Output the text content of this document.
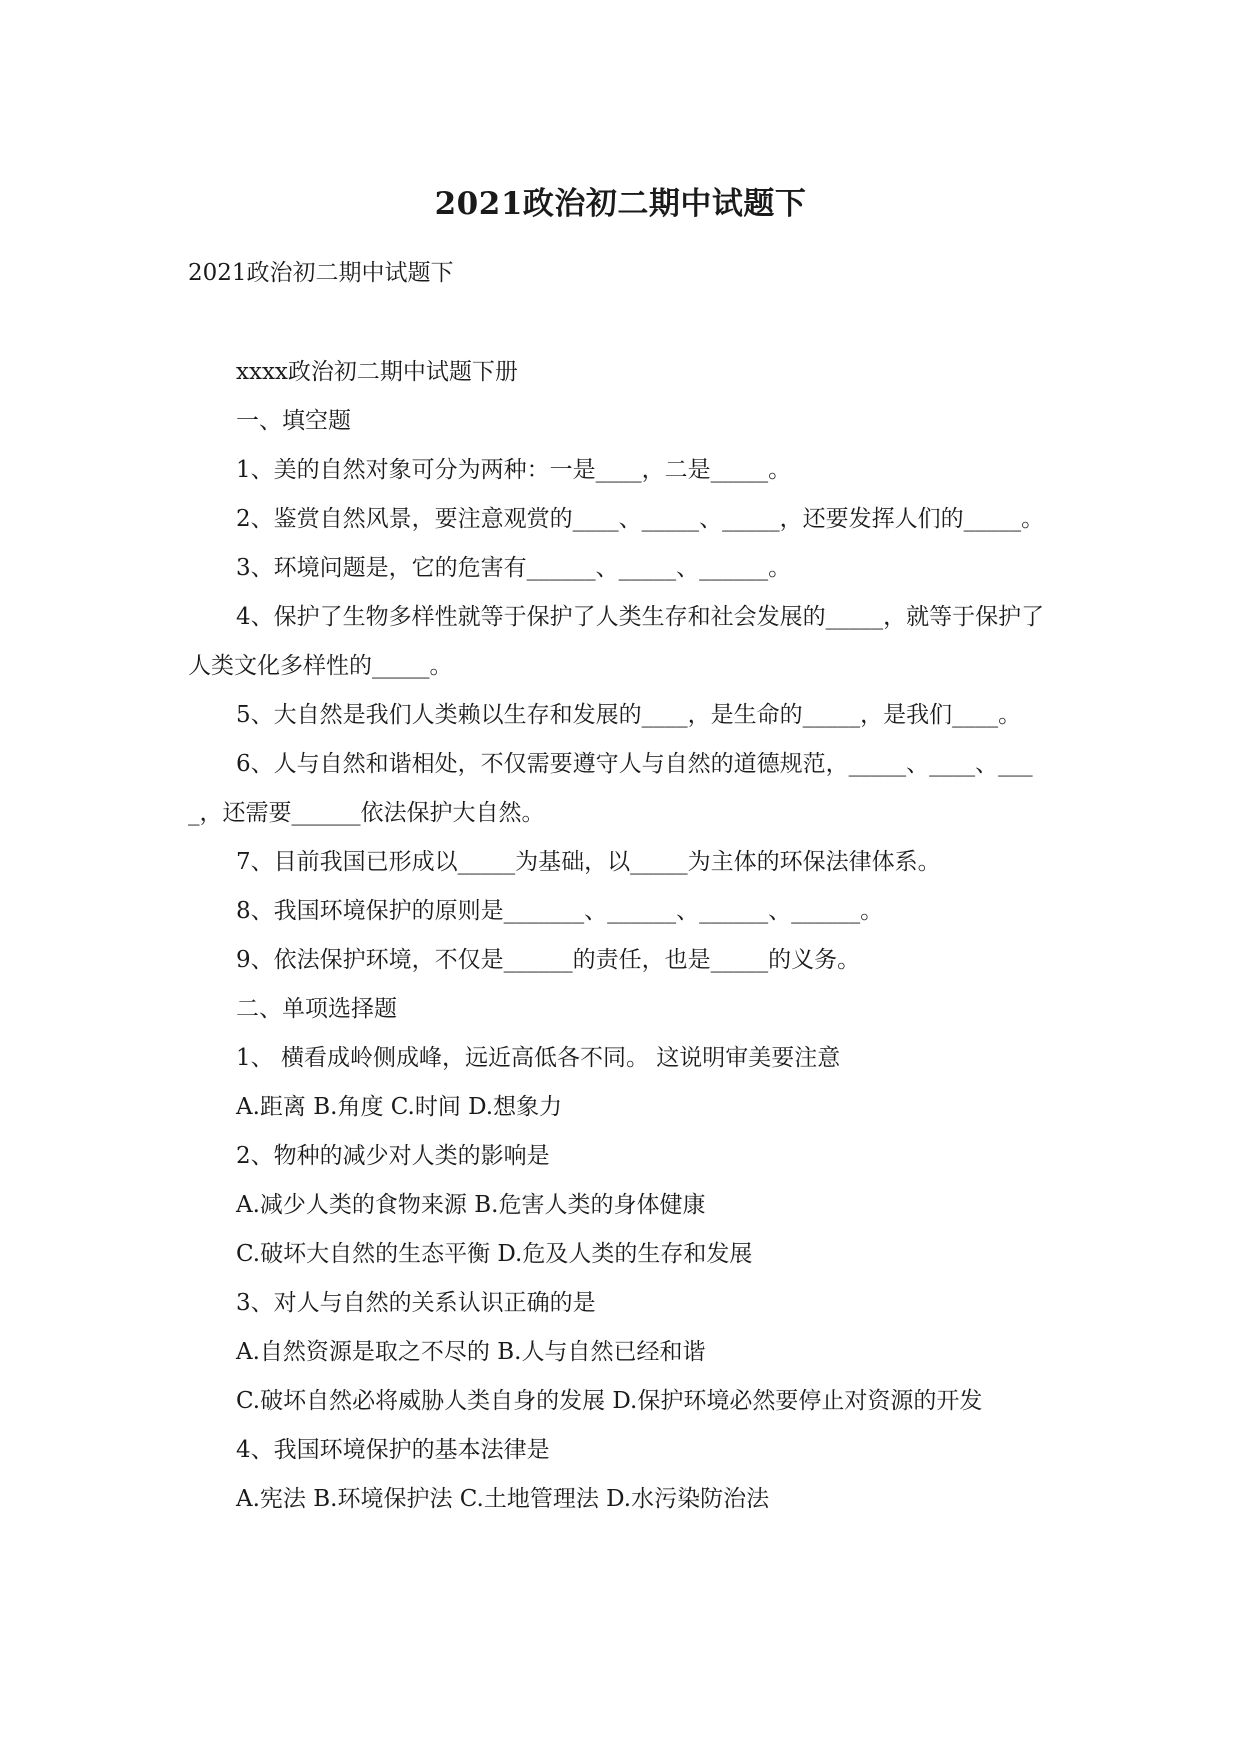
2021政治初二期中试题下
2021政治初二期中试题下

xxxx政治初二期中试题下册

一、填空题

1、美的自然对象可分为两种：一是____，二是_____。

2、鉴赏自然风景，要注意观赏的____、_____、_____，还要发挥人们的_____。

3、环境问题是，它的危害有______、_____、______。

4、保护了生物多样性就等于保护了人类生存和社会发展的_____，就等于保护了人类文化多样性的_____。

5、大自然是我们人类赖以生存和发展的____，是生命的_____，是我们____。

6、人与自然和谐相处，不仅需要遵守人与自然的道德规范，_____、____、____，还需要______依法保护大自然。

7、目前我国已形成以_____为基础，以_____为主体的环保法律体系。

8、我国环境保护的原则是_______、______、______、______。

9、依法保护环境，不仅是______的责任，也是_____的义务。

二、单项选择题

1、 横看成岭侧成峰，远近高低各不同。 这说明审美要注意

A.距离 B.角度 C.时间 D.想象力

2、物种的减少对人类的影响是

A.减少人类的食物来源 B.危害人类的身体健康

C.破坏大自然的生态平衡 D.危及人类的生存和发展

3、对人与自然的关系认识正确的是

A.自然资源是取之不尽的 B.人与自然已经和谐

C.破坏自然必将威胁人类自身的发展 D.保护环境必然要停止对资源的开发

4、我国环境保护的基本法律是

A.宪法 B.环境保护法 C.土地管理法 D.水污染防治法
